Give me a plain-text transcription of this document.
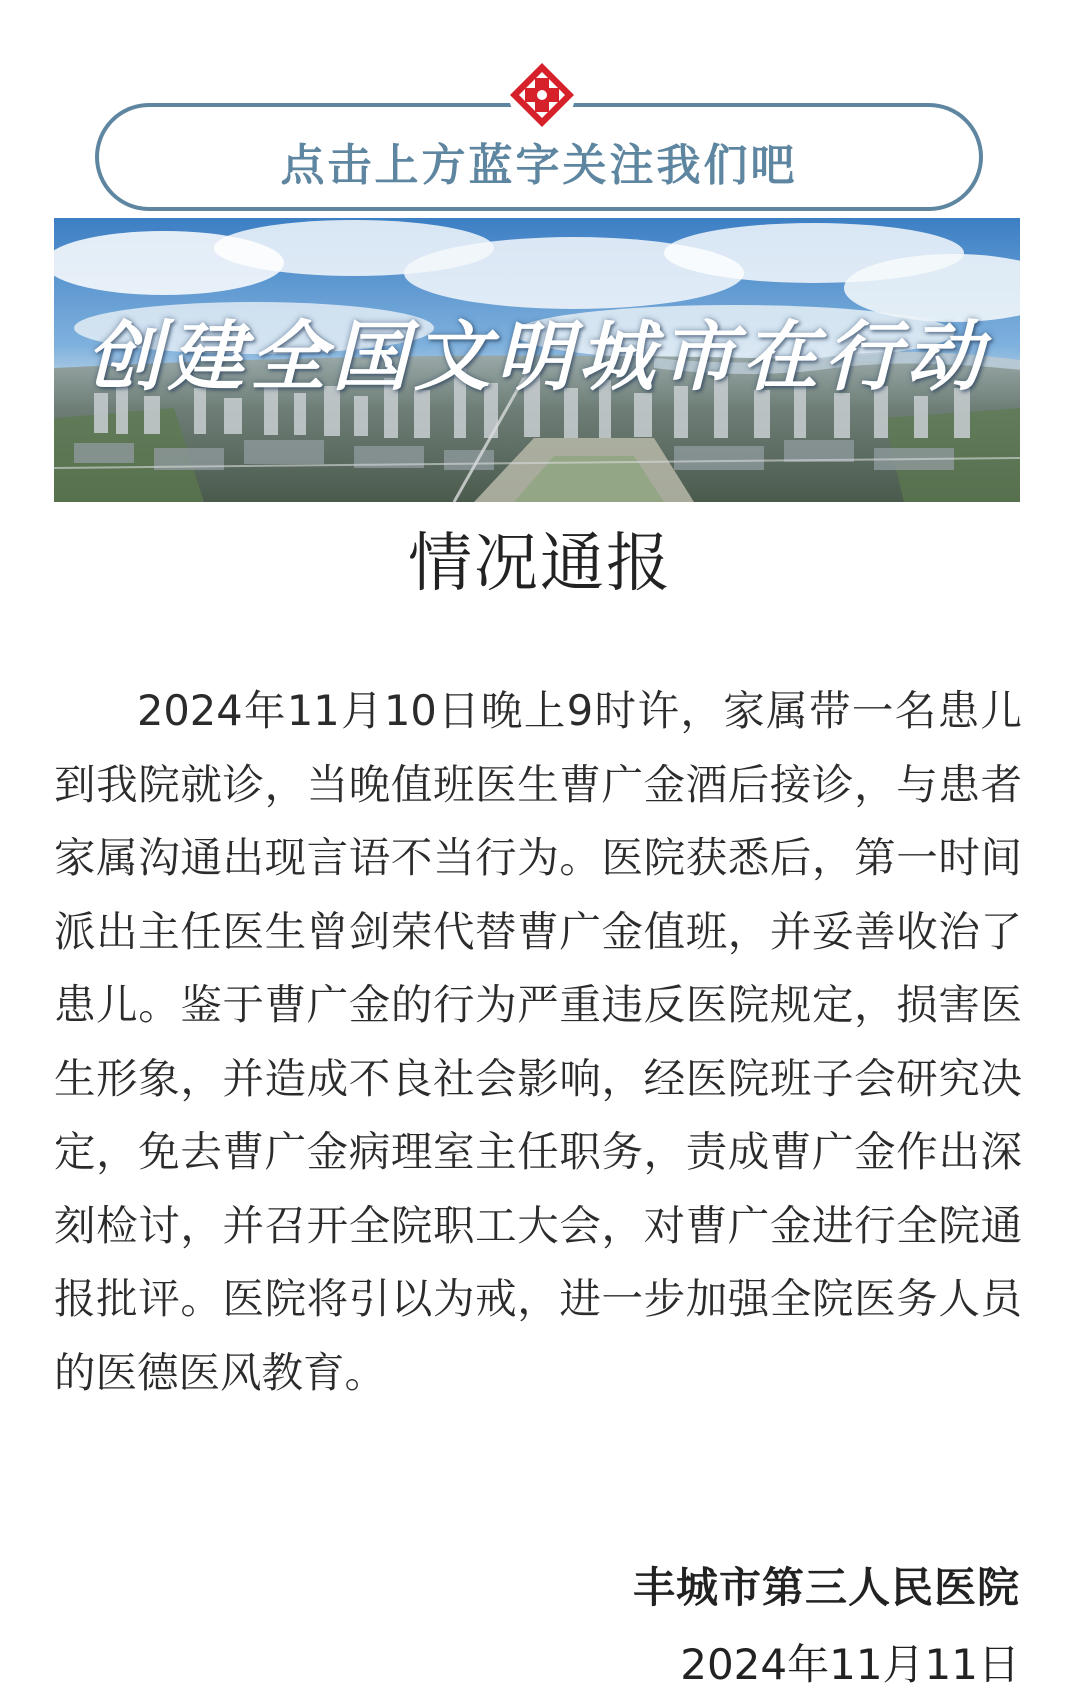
点击上方蓝字关注我们吧
创建全国文明城市在行动
情况通报

2024年11月10日晚上9时许，家属带一名患儿到我院就诊，当晚值班医生曹广金酒后接诊，与患者家属沟通出现言语不当行为。医院获悉后，第一时间派出主任医生曾剑荣代替曹广金值班，并妥善收治了患儿。鉴于曹广金的行为严重违反医院规定，损害医生形象，并造成不良社会影响，经医院班子会研究决定，免去曹广金病理室主任职务，责成曹广金作出深刻检讨，并召开全院职工大会，对曹广金进行全院通报批评。医院将引以为戒，进一步加强全院医务人员的医德医风教育。

丰城市第三人民医院
2024年11月11日
